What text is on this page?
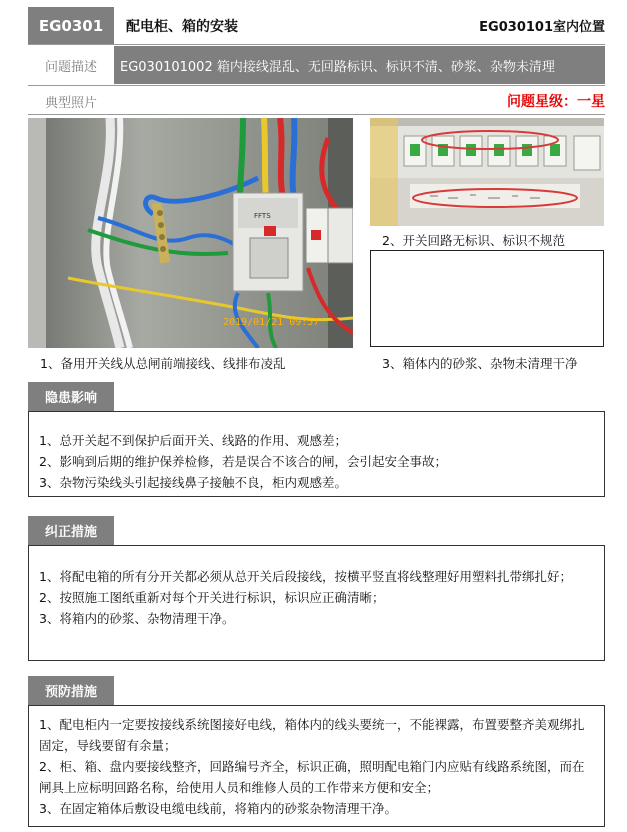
EG0301	配电柜、箱的安装	EG030101室内位置
问题描述	EG030101002 箱内接线混乱、无回路标识、标识不清、砂浆、杂物未清理
典型照片	问题星级：一星
FFTS
2019/01/21 09:57
1、备用开关线从总闸前端接线、线排布凌乱
2、开关回路无标识、标识不规范
3、箱体内的砂浆、杂物未清理干净
隐患影响

1、总开关起不到保护后面开关、线路的作用、观感差；

2、影响到后期的维护保养检修，若是误合不该合的闸，会引起安全事故；

3、杂物污染线头引起接线鼻子接触不良，柜内观感差。

纠正措施

1、将配电箱的所有分开关都必须从总开关后段接线，按横平竖直将线整理好用塑料扎带绑扎好；

2、按照施工图纸重新对每个开关进行标识，标识应正确清晰；

3、将箱内的砂浆、杂物清理干净。

预防措施

1、配电柜内一定要按接线系统图接好电线，箱体内的线头要统一，不能裸露，布置要整齐美观绑扎固定，导线要留有余量；

2、柜、箱、盘内要接线整齐，回路编号齐全，标识正确，照明配电箱门内应贴有线路系统图，而在闸具上应标明回路名称，给使用人员和维修人员的工作带来方便和安全；

3、在固定箱体后敷设电缆电线前，将箱内的砂浆杂物清理干净。
